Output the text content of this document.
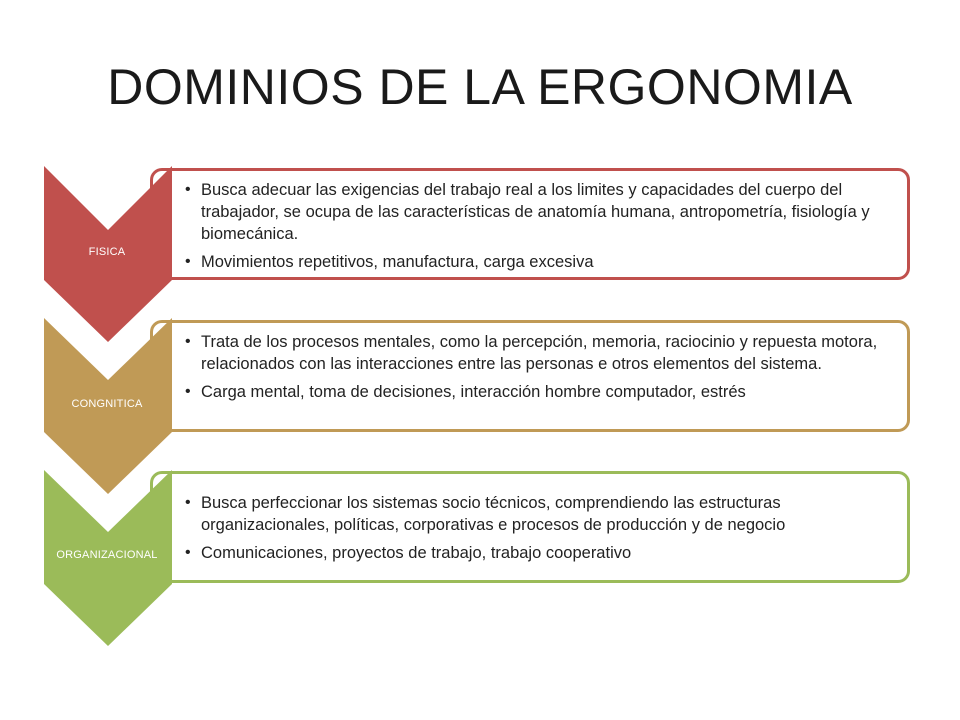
DOMINIOS DE LA ERGONOMIA
• Busca adecuar las exigencias del trabajo real a los limites y capacidades del cuerpo del trabajador, se ocupa de las características de anatomía humana, antropometría, fisiología y biomecánica.
• Movimientos repetitivos, manufactura, carga excesiva
• Trata de los procesos mentales, como la percepción, memoria, raciocinio y repuesta motora, relacionados con las interacciones entre las personas e otros elementos del sistema.
• Carga mental, toma de decisiones, interacción hombre computador, estrés
• Busca perfeccionar los sistemas socio técnicos, comprendiendo las estructuras organizacionales, políticas, corporativas e procesos de producción y de negocio
• Comunicaciones, proyectos de trabajo, trabajo cooperativo
FISICA
CONGNITICA
ORGANIZACIONAL
